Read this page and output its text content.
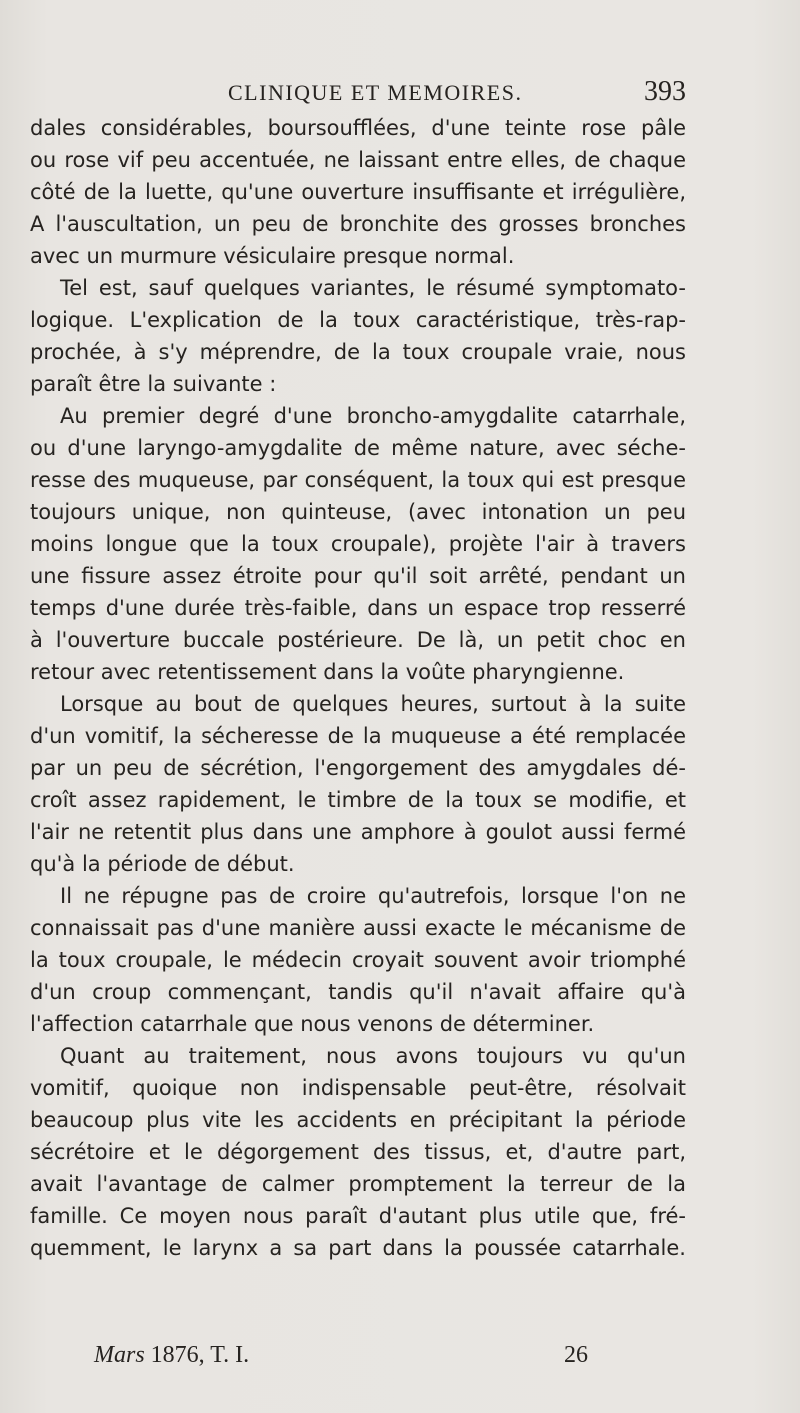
CLINIQUE ET MEMOIRES.	393
dales considérables, boursoufflées, d'une teinte rose pâle
ou rose vif peu accentuée, ne laissant entre elles, de chaque
côté de la luette, qu'une ouverture insuffisante et irrégulière,
A l'auscultation, un peu de bronchite des grosses bronches
avec un murmure vésiculaire presque normal.
Tel est, sauf quelques variantes, le résumé symptomato-
logique. L'explication de la toux caractéristique, très-rap-
prochée, à s'y méprendre, de la toux croupale vraie, nous
paraît être la suivante :
Au premier degré d'une broncho-amygdalite catarrhale,
ou d'une laryngo-amygdalite de même nature, avec séche-
resse des muqueuse, par conséquent, la toux qui est presque
toujours unique, non quinteuse, (avec intonation un peu
moins longue que la toux croupale), projète l'air à travers
une fissure assez étroite pour qu'il soit arrêté, pendant un
temps d'une durée très-faible, dans un espace trop resserré
à l'ouverture buccale postérieure. De là, un petit choc en
retour avec retentissement dans la voûte pharyngienne.
Lorsque au bout de quelques heures, surtout à la suite
d'un vomitif, la sécheresse de la muqueuse a été remplacée
par un peu de sécrétion, l'engorgement des amygdales dé-
croît assez rapidement, le timbre de la toux se modifie, et
l'air ne retentit plus dans une amphore à goulot aussi fermé
qu'à la période de début.
Il ne répugne pas de croire qu'autrefois, lorsque l'on ne
connaissait pas d'une manière aussi exacte le mécanisme de
la toux croupale, le médecin croyait souvent avoir triomphé
d'un croup commençant, tandis qu'il n'avait affaire qu'à
l'affection catarrhale que nous venons de déterminer.
Quant au traitement, nous avons toujours vu qu'un
vomitif, quoique non indispensable peut-être, résolvait
beaucoup plus vite les accidents en précipitant la période
sécrétoire et le dégorgement des tissus, et, d'autre part,
avait l'avantage de calmer promptement la terreur de la
famille. Ce moyen nous paraît d'autant plus utile que, fré-
quemment, le larynx a sa part dans la poussée catarrhale.
Mars 1876, T. I.	26
